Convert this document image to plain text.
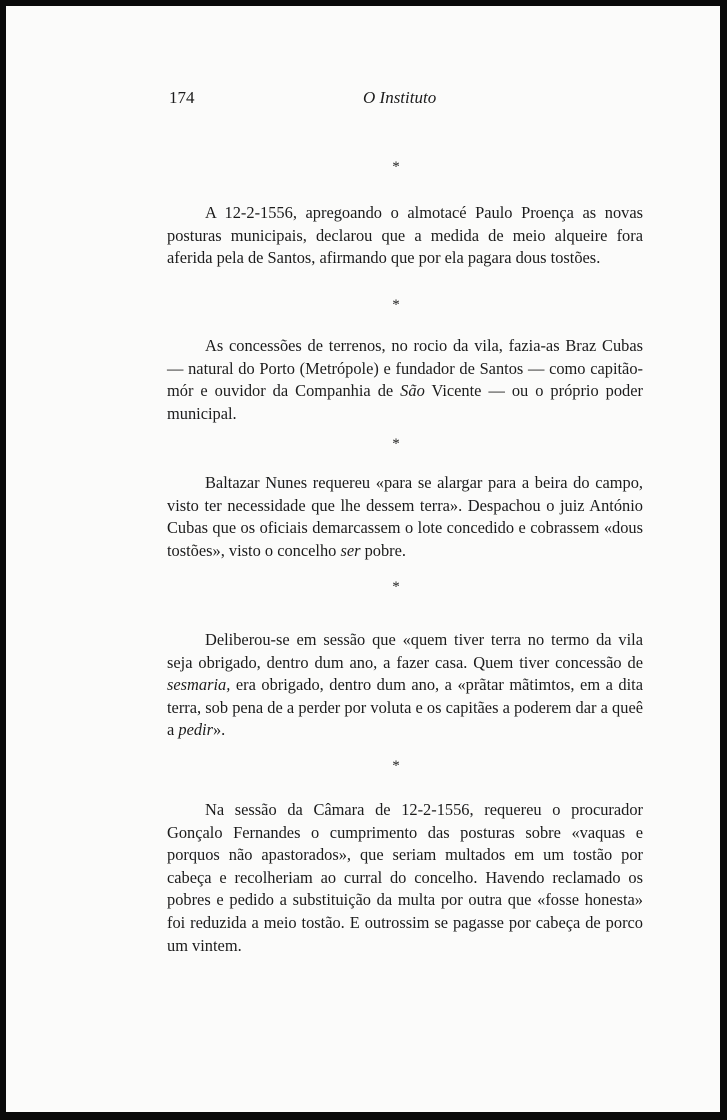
174	O Instituto
*

A 12-2-1556, apregoando o almotacé Paulo Proença as novas posturas municipais, declarou que a medida de meio alqueire fora aferida pela de Santos, afirmando que por ela pagara dous tostões.

*

As concessões de terrenos, no rocio da vila, fazia-as Braz Cubas — natural do Porto (Metrópole) e fundador de Santos — como capitão-mór e ouvidor da Companhia de São Vicente — ou o próprio poder municipal.

*

Baltazar Nunes requereu «para se alargar para a beira do campo, visto ter necessidade que lhe dessem terra». Despachou o juiz António Cubas que os oficiais demarcassem o lote concedido e cobrassem «dous tostões», visto o concelho ser pobre.

*

Deliberou-se em sessão que «quem tiver terra no termo da vila seja obrigado, dentro dum ano, a fazer casa. Quem tiver concessão de sesmaria, era obrigado, dentro dum ano, a «prãtar mãtimtos, em a dita terra, sob pena de a perder por voluta e os capitães a poderem dar a queê a pedir».

*

Na sessão da Câmara de 12-2-1556, requereu o procurador Gonçalo Fernandes o cumprimento das posturas sobre «vaquas e porquos não apastorados», que seriam multados em um tostão por cabeça e recolheriam ao curral do concelho. Havendo reclamado os pobres e pedido a substituição da multa por outra que «fosse honesta» foi reduzida a meio tostão. E outrossim se pagasse por cabeça de porco um vintem.
